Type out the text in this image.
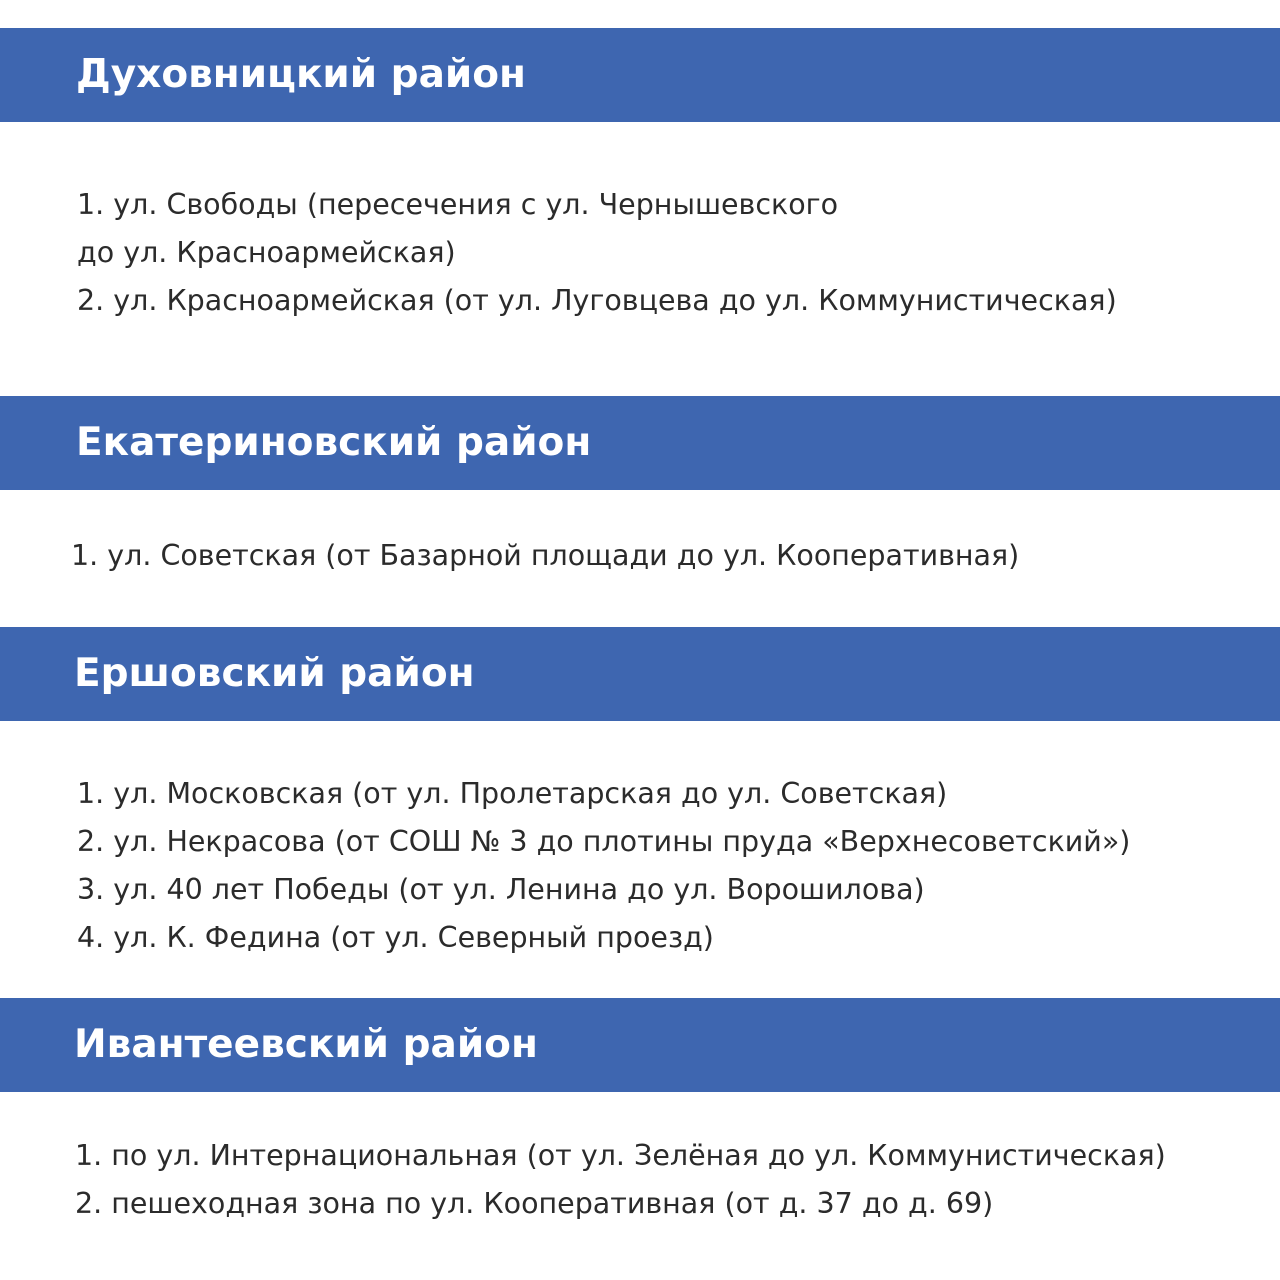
Духовницкий район
1. ул. Свободы (пересечения с ул. Чернышевского
до ул. Красноармейская)
2. ул. Красноармейская (от ул. Луговцева до ул. Коммунистическая)
Екатериновский район
1. ул. Советская (от Базарной площади до ул. Кооперативная)
Ершовский район
1. ул. Московская (от ул. Пролетарская до ул. Советская)
2. ул. Некрасова (от СОШ № 3 до плотины пруда «Верхнесоветский»)
3. ул. 40 лет Победы (от ул. Ленина до ул. Ворошилова)
4. ул. К. Федина (от ул. Северный проезд)
Ивантеевский район
1. по ул. Интернациональная (от ул. Зелёная до ул. Коммунистическая)
2. пешеходная зона по ул. Кооперативная (от д. 37 до д. 69)
